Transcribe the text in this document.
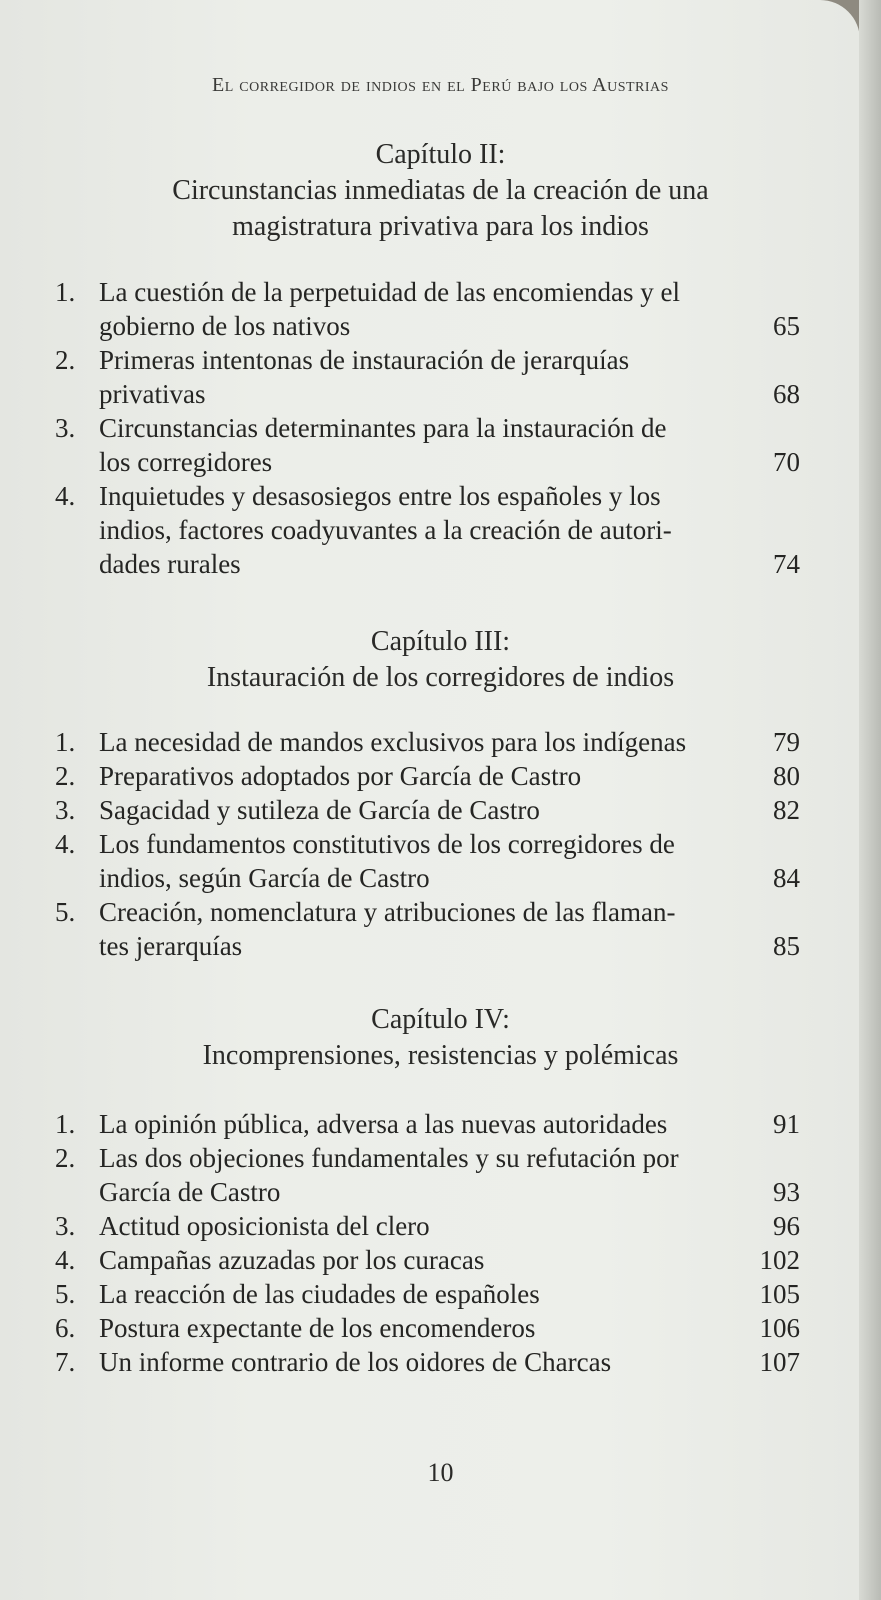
El corregidor de indios en el Perú bajo los Austrias
Capítulo II:
Circunstancias inmediatas de la creación de una
magistratura privativa para los indios
1. La cuestión de la perpetuidad de las encomiendas y el
gobierno de los nativos	65
2. Primeras intentonas de instauración de jerarquías
privativas	68
3. Circunstancias determinantes para la instauración de
los corregidores	70
4. Inquietudes y desasosiegos entre los españoles y los
indios, factores coadyuvantes a la creación de autori-
dades rurales	74
Capítulo III:
Instauración de los corregidores de indios
1. La necesidad de mandos exclusivos para los indígenas	79
2. Preparativos adoptados por García de Castro	80
3. Sagacidad y sutileza de García de Castro	82
4. Los fundamentos constitutivos de los corregidores de
indios, según García de Castro	84
5. Creación, nomenclatura y atribuciones de las flaman-
tes jerarquías	85
Capítulo IV:
Incomprensiones, resistencias y polémicas
1. La opinión pública, adversa a las nuevas autoridades	91
2. Las dos objeciones fundamentales y su refutación por
García de Castro	93
3. Actitud oposicionista del clero	96
4. Campañas azuzadas por los curacas	102
5. La reacción de las ciudades de españoles	105
6. Postura expectante de los encomenderos	106
7. Un informe contrario de los oidores de Charcas	107
10
